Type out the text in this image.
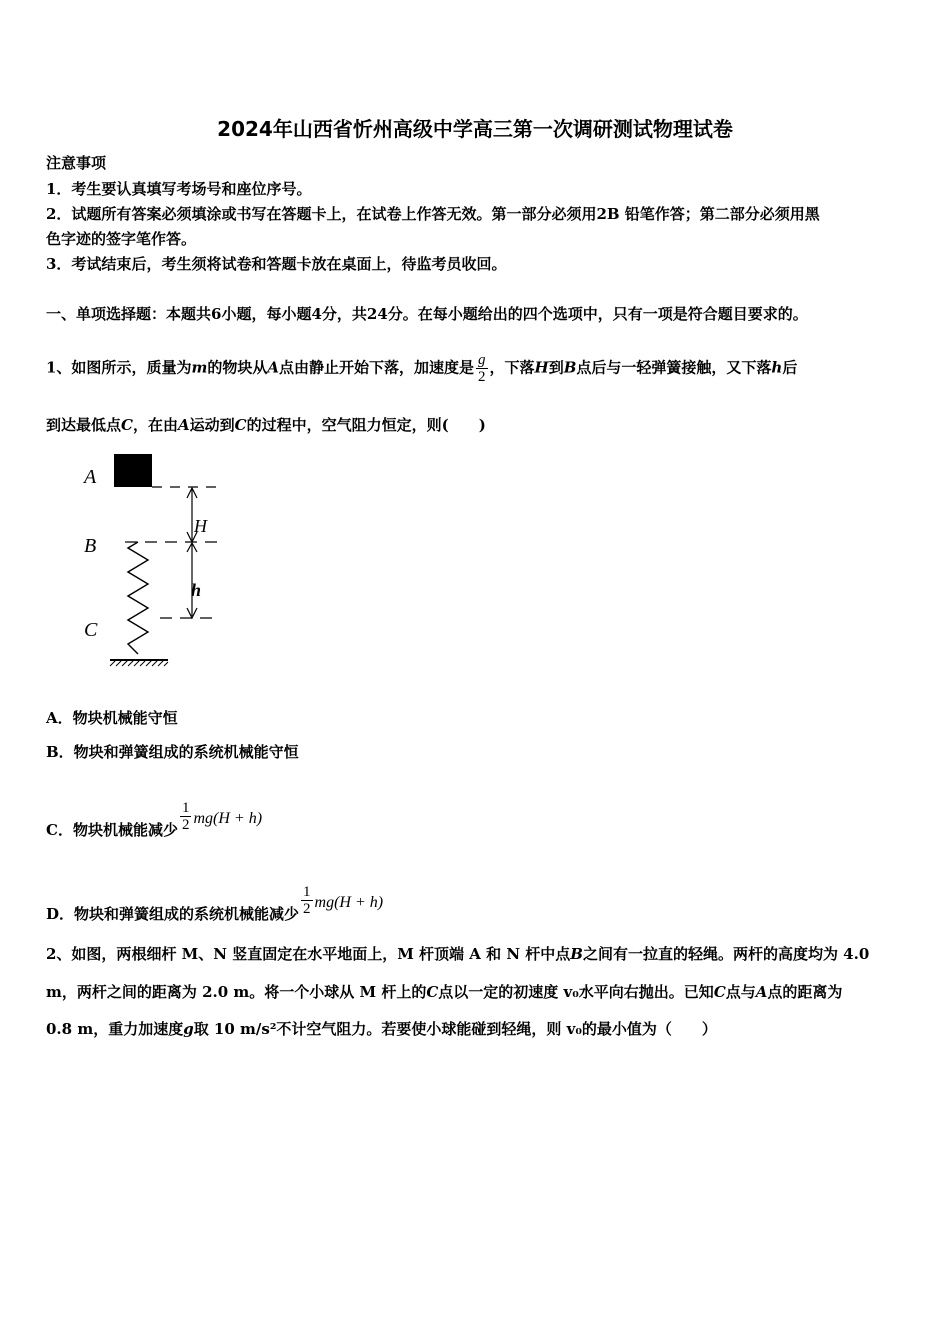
2024年山西省忻州高级中学高三第一次调研测试物理试卷
注意事项
1．考生要认真填写考场号和座位序号。
2．试题所有答案必须填涂或书写在答题卡上，在试卷上作答无效。第一部分必须用2B 铅笔作答；第二部分必须用黑
色字迹的签字笔作答。
3．考试结束后，考生须将试卷和答题卡放在桌面上，待监考员收回。
一、单项选择题：本题共6小题，每小题4分，共24分。在每小题给出的四个选项中，只有一项是符合题目要求的。
1、如图所示，质量为m的物块从A点由静止开始下落，加速度是 $\frac{g}{2}$ ，下落H到B点后与一轻弹簧接触，又下落h后
到达最低点C，在由A运动到C的过程中，空气阻力恒定，则(　　)
A
B
C
H
h
A．物块机械能守恒
B．物块和弹簧组成的系统机械能守恒
C．物块机械能减少 $\frac{1}{2} mg(H + h)$
D．物块和弹簧组成的系统机械能减少 $\frac{1}{2} mg(H + h)$
2、如图，两根细杆 M、N 竖直固定在水平地面上，M 杆顶端 A 和 N 杆中点B之间有一拉直的轻绳。两杆的高度均为 4.0
m，两杆之间的距离为 2.0 m。将一个小球从 M 杆上的C点以一定的初速度 v₀水平向右抛出。已知C点与A点的距离为
0.8 m，重力加速度g取 10 m/s²不计空气阻力。若要使小球能碰到轻绳，则 v₀的最小值为（　　）
